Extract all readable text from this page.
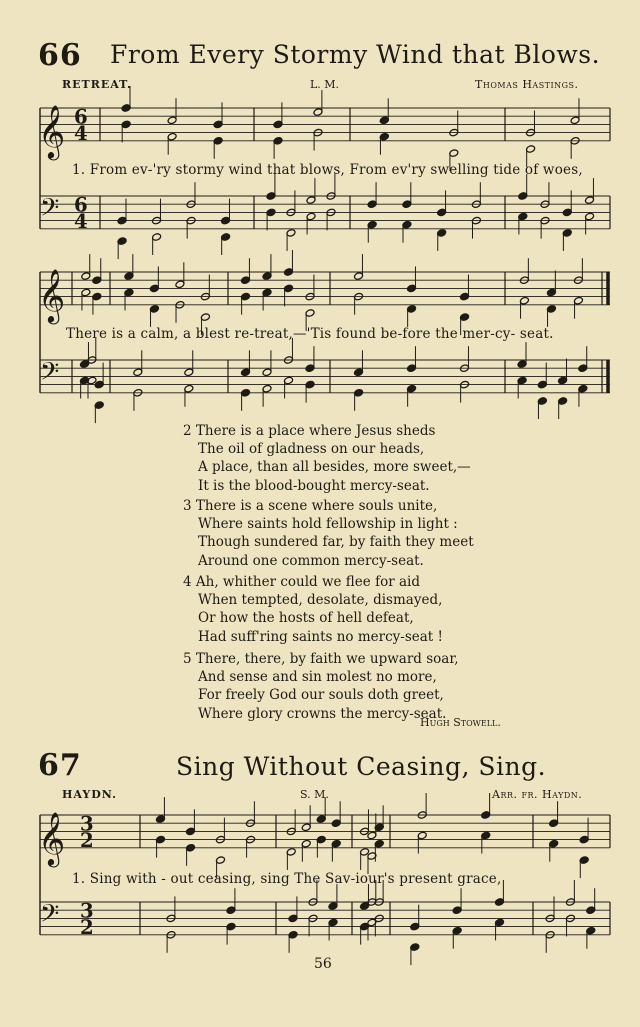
66 From Every Stormy Wind that Blows.
RETREAT.	L. M.	Thomas Hastings.
𝄞
𝄢
6
4
6
4
𝄞
𝄢
𝄞
𝄢
3
2
3
2
1. From ev-'ry stormy wind that blows, From ev'ry swelling tide of woes,
There is a calm, a blest re-treat,—'Tis found be-fore the mer-cy- seat.
2 There is a place where Jesus sheds
The oil of gladness on our heads,
A place, than all besides, more sweet,—
It is the blood-bought mercy-seat.
3 There is a scene where souls unite,
Where saints hold fellowship in light :
Though sundered far, by faith they meet
Around one common mercy-seat.
4 Ah, whither could we flee for aid
When tempted, desolate, dismayed,
Or how the hosts of hell defeat,
Had suff'ring saints no mercy-seat !
5 There, there, by faith we upward soar,
And sense and sin molest no more,
For freely God our souls doth greet,
Where glory crowns the mercy-seat.
Hugh Stowell.
67	Sing Without Ceasing, Sing.
HAYDN.	S. M.	Arr. fr. Haydn.
1. Sing with - out ceasing, sing The Sav-iour's present grace,
56
